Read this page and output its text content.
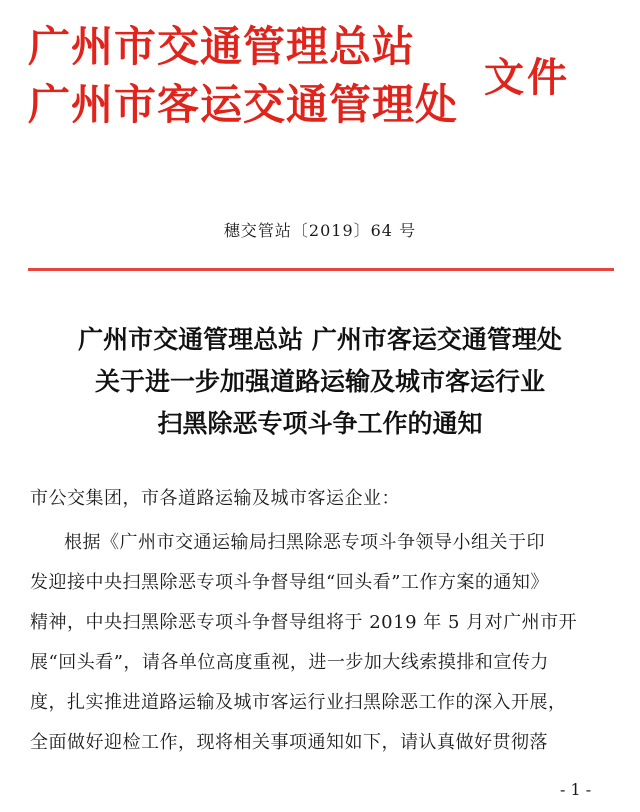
广州市交通管理总站
广州市客运交通管理处
文件
穗交管站〔2019〕64 号
广州市交通管理总站 广州市客运交通管理处
关于进一步加强道路运输及城市客运行业
扫黑除恶专项斗争工作的通知
市公交集团，市各道路运输及城市客运企业：
根据《广州市交通运输局扫黑除恶专项斗争领导小组关于印
发迎接中央扫黑除恶专项斗争督导组“回头看”工作方案的通知》
精神，中央扫黑除恶专项斗争督导组将于 2019 年 5 月对广州市开
展“回头看”，请各单位高度重视，进一步加大线索摸排和宣传力
度，扎实推进道路运输及城市客运行业扫黑除恶工作的深入开展，
全面做好迎检工作，现将相关事项通知如下，请认真做好贯彻落
- 1 -
